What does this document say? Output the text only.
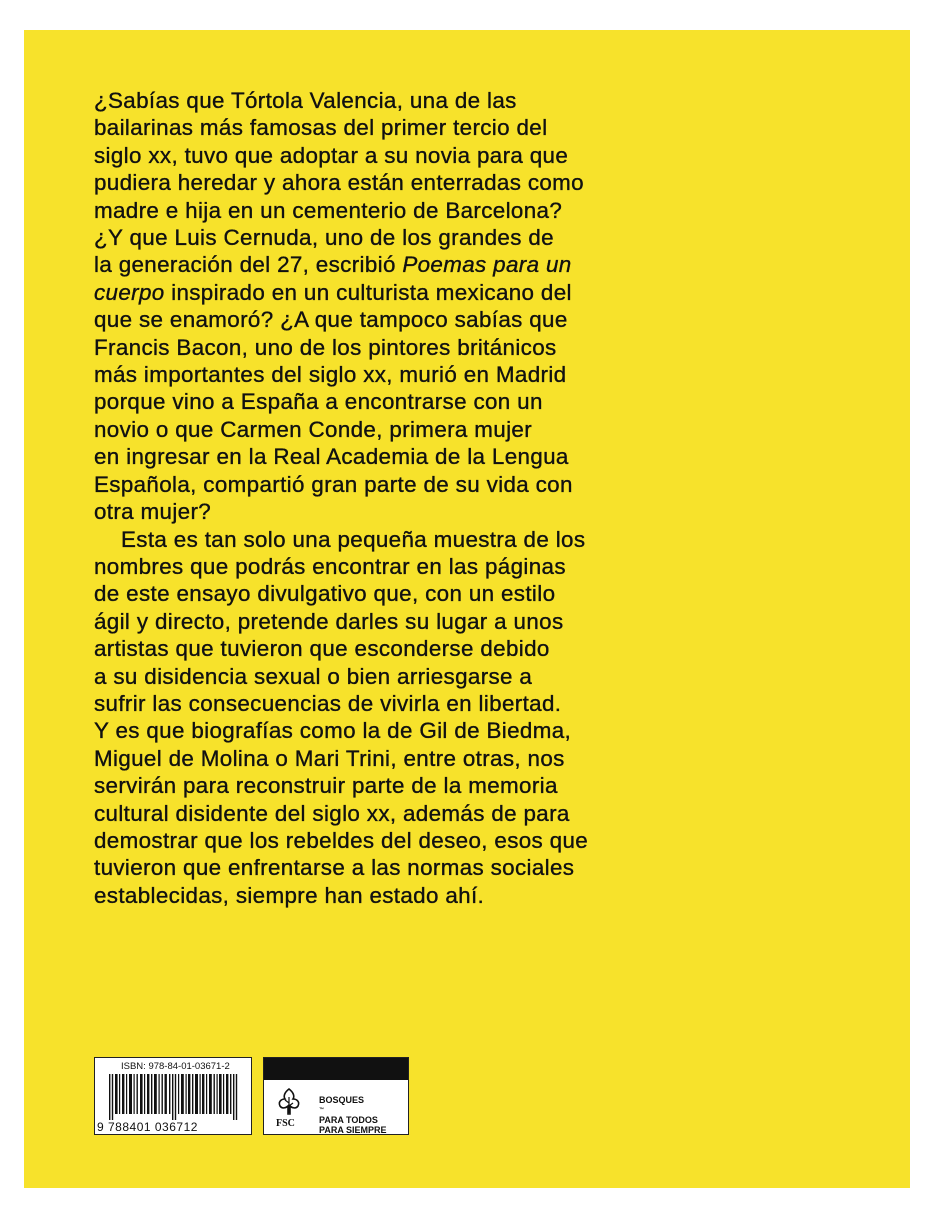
¿Sabías que Tórtola Valencia, una de las
bailarinas más famosas del primer tercio del
siglo xx, tuvo que adoptar a su novia para que
pudiera heredar y ahora están enterradas como
madre e hija en un cementerio de Barcelona?
¿Y que Luis Cernuda, uno de los grandes de
la generación del 27, escribió Poemas para un
cuerpo inspirado en un culturista mexicano del
que se enamoró? ¿A que tampoco sabías que
Francis Bacon, uno de los pintores británicos
más importantes del siglo xx, murió en Madrid
porque vino a España a encontrarse con un
novio o que Carmen Conde, primera mujer
en ingresar en la Real Academia de la Lengua
Española, compartió gran parte de su vida con
otra mujer?
Esta es tan solo una pequeña muestra de los
nombres que podrás encontrar en las páginas
de este ensayo divulgativo que, con un estilo
ágil y directo, pretende darles su lugar a unos
artistas que tuvieron que esconderse debido
a su disidencia sexual o bien arriesgarse a
sufrir las consecuencias de vivirla en libertad.
Y es que biografías como la de Gil de Biedma,
Miguel de Molina o Mari Trini, entre otras, nos
servirán para reconstruir parte de la memoria
cultural disidente del siglo xx, además de para
demostrar que los rebeldes del deseo, esos que
tuvieron que enfrentarse a las normas sociales
establecidas, siempre han estado ahí.
ISBN: 978-84-01-03671-2
9 788401 036712	FSC
BOSQUES
™
PARA TODOS
PARA SIEMPRE
